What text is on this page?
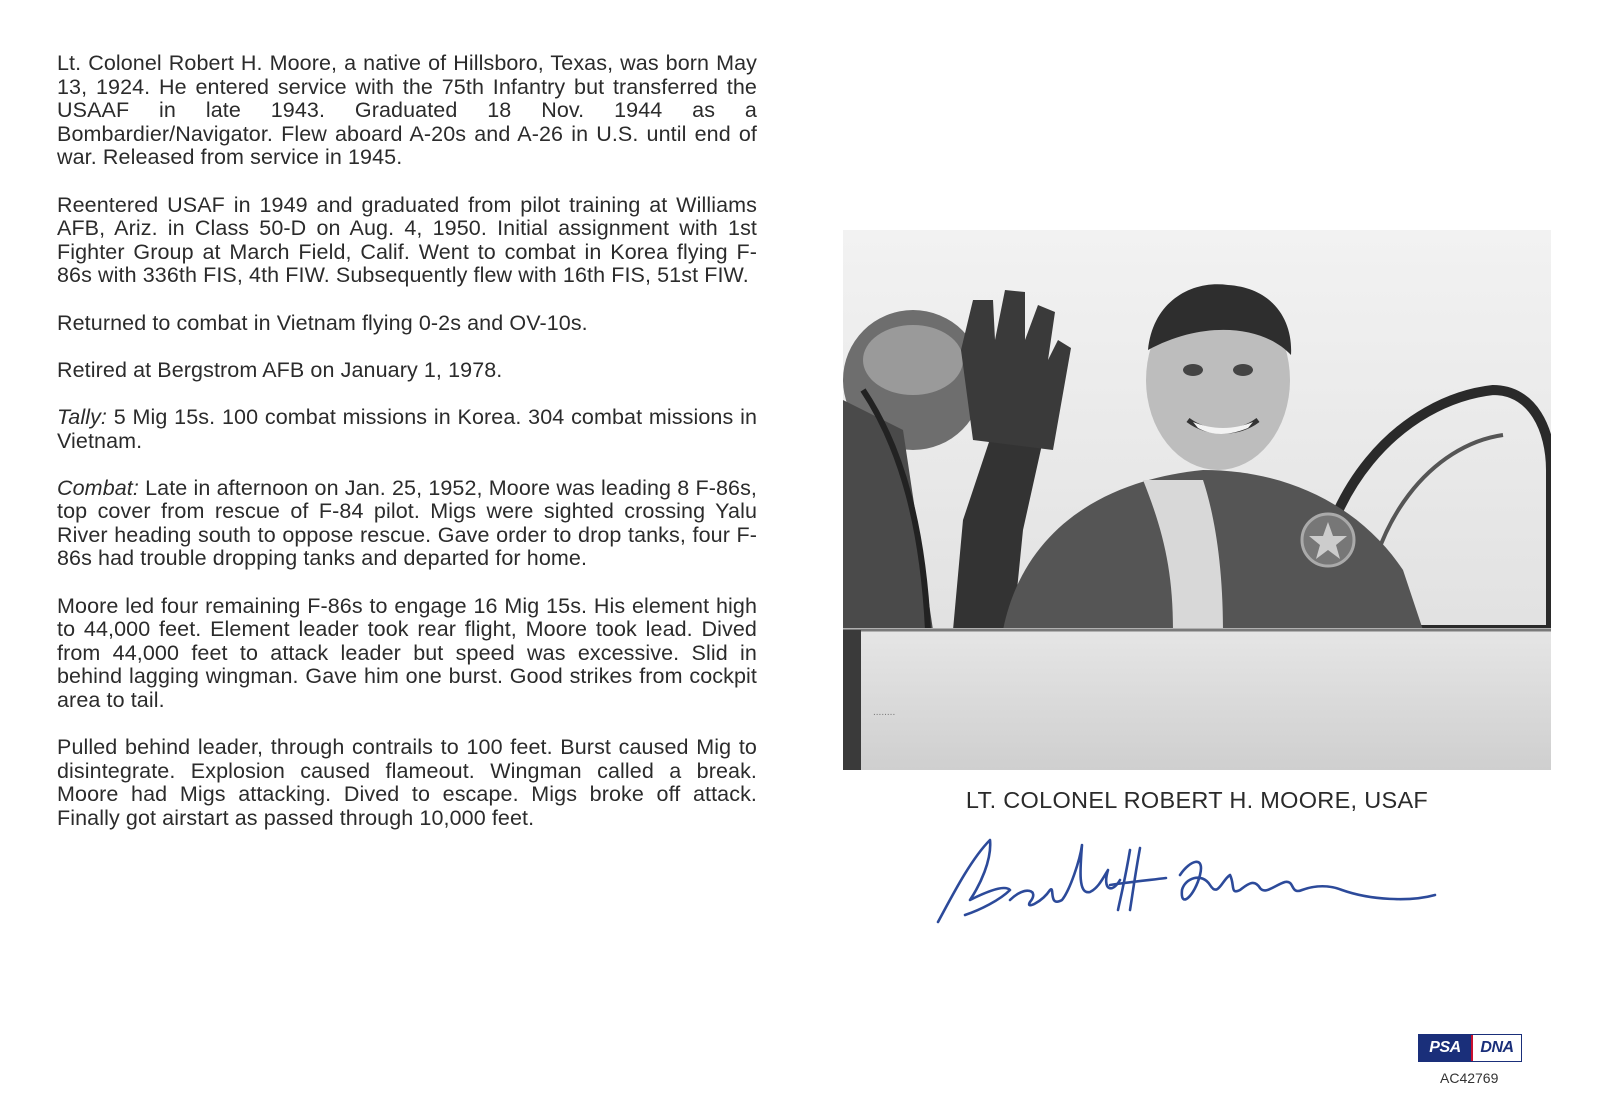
Lt. Colonel Robert H. Moore, a native of Hillsboro, Texas, was born May 13, 1924. He entered service with the 75th Infantry but transferred the USAAF in late 1943. Graduated 18 Nov. 1944 as a Bombardier/Navigator. Flew aboard A-20s and A-26 in U.S. until end of war. Released from service in 1945.

Reentered USAF in 1949 and graduated from pilot training at Williams AFB, Ariz. in Class 50-D on Aug. 4, 1950. Initial assignment with 1st Fighter Group at March Field, Calif. Went to combat in Korea flying F-86s with 336th FIS, 4th FIW. Subsequently flew with 16th FIS, 51st FIW.

Returned to combat in Vietnam flying 0-2s and OV-10s.

Retired at Bergstrom AFB on January 1, 1978.

Tally: 5 Mig 15s. 100 combat missions in Korea. 304 combat missions in Vietnam.

Combat: Late in afternoon on Jan. 25, 1952, Moore was leading 8 F-86s, top cover from rescue of F-84 pilot. Migs were sighted crossing Yalu River heading south to oppose rescue. Gave order to drop tanks, four F-86s had trouble dropping tanks and departed for home.

Moore led four remaining F-86s to engage 16 Mig 15s. His element high to 44,000 feet. Element leader took rear flight, Moore took lead. Dived from 44,000 feet to attack leader but speed was excessive. Slid in behind lagging wingman. Gave him one burst. Good strikes from cockpit area to tail.

Pulled behind leader, through contrails to 100 feet. Burst caused Mig to disintegrate. Explosion caused flameout. Wingman called a break. Moore had Migs attacking. Dived to escape. Migs broke off attack. Finally got airstart as passed through 10,000 feet.

........
LT. COLONEL ROBERT H. MOORE, USAF
PSA	DNA
AC42769
